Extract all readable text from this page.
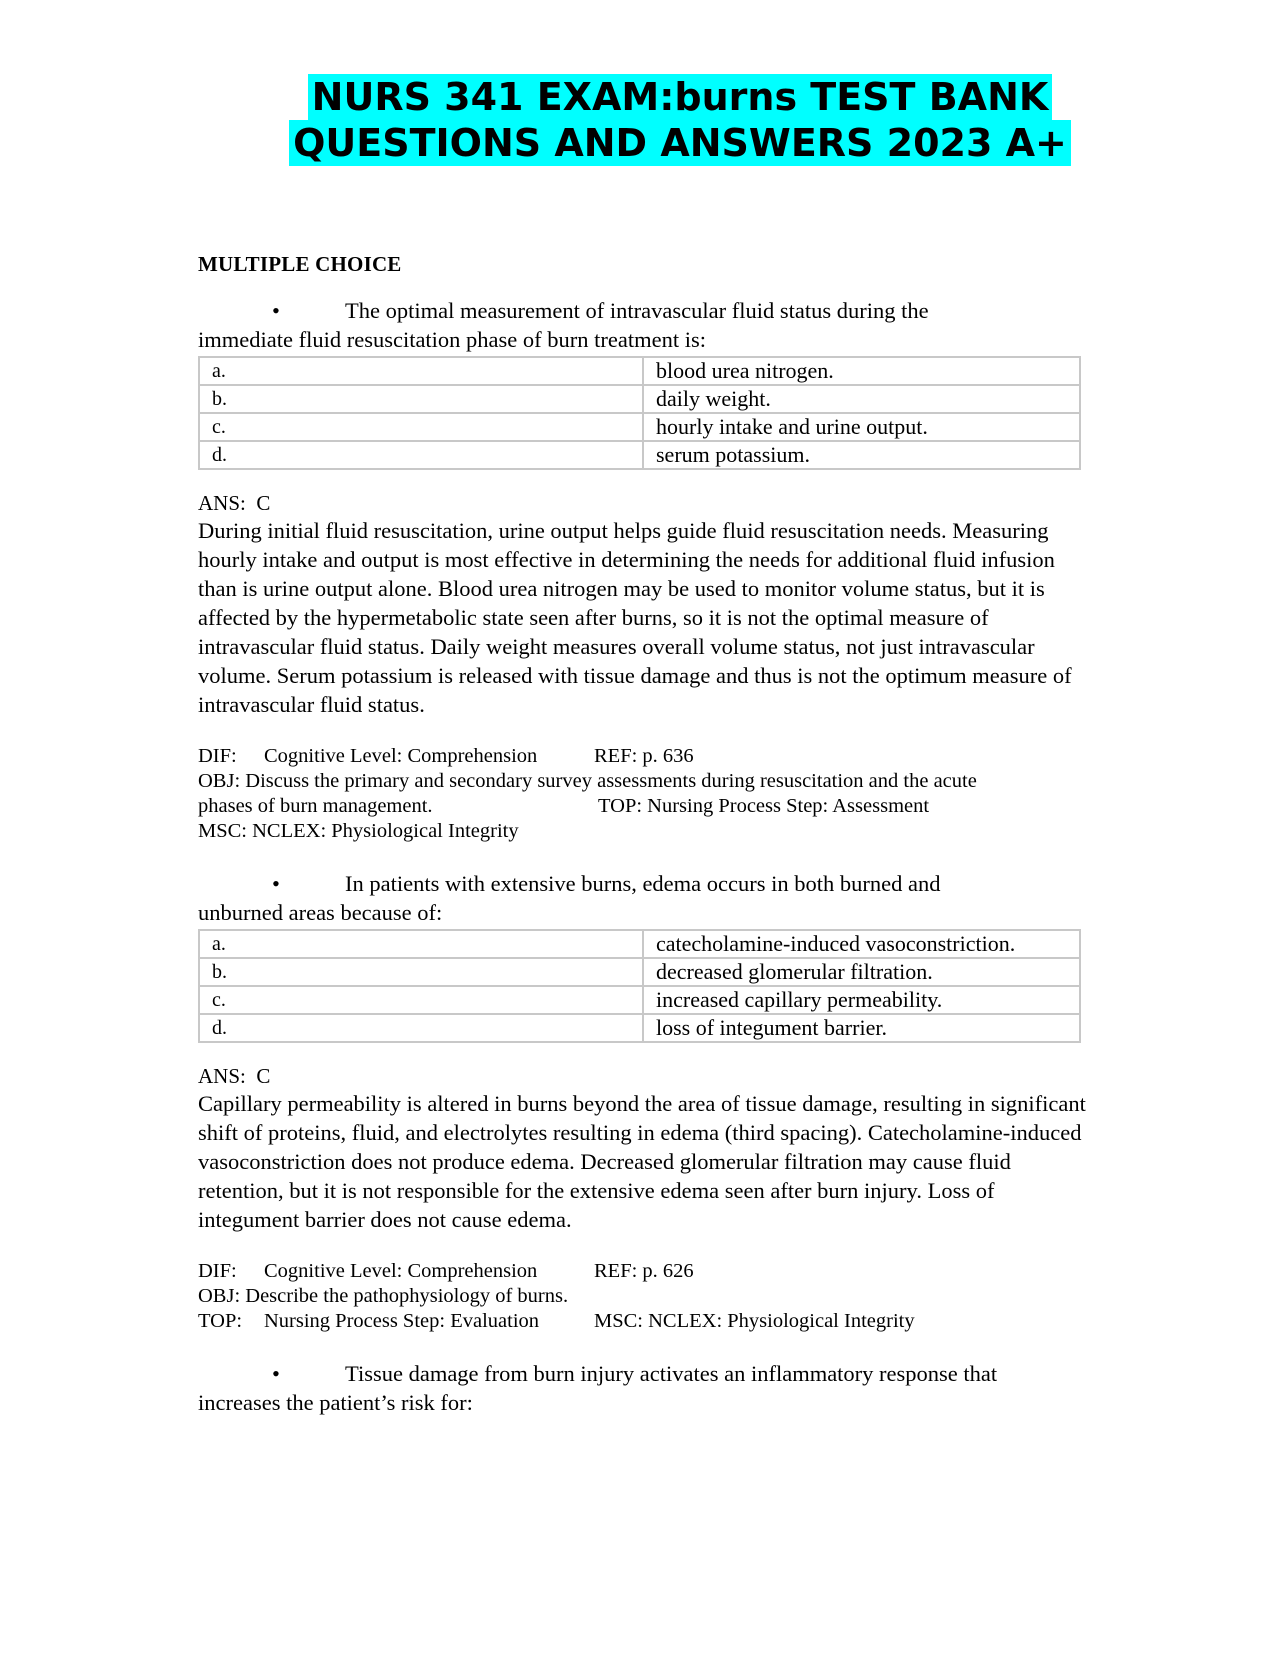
NURS 341 EXAM:burns TEST BANK
QUESTIONS AND ANSWERS 2023 A+
MULTIPLE CHOICE
•	The optimal measurement of intravascular fluid status during the
immediate fluid resuscitation phase of burn treatment is:
a.	blood urea nitrogen.
b.	daily weight.
c.	hourly intake and urine output.
d.	serum potassium.
ANS: C
During initial fluid resuscitation, urine output helps guide fluid resuscitation needs. Measuring hourly intake and output is most effective in determining the needs for additional fluid infusion than is urine output alone. Blood urea nitrogen may be used to monitor volume status, but it is affected by the hypermetabolic state seen after burns, so it is not the optimal measure of intravascular fluid status. Daily weight measures overall volume status, not just intravascular volume. Serum potassium is released with tissue damage and thus is not the optimum measure of intravascular fluid status.
DIF: Cognitive Level: Comprehension	REF: p. 636
OBJ: Discuss the primary and secondary survey assessments during resuscitation and the acute
phases of burn management.	TOP: Nursing Process Step: Assessment
MSC: NCLEX: Physiological Integrity
•	In patients with extensive burns, edema occurs in both burned and
unburned areas because of:
a.	catecholamine-induced vasoconstriction.
b.	decreased glomerular filtration.
c.	increased capillary permeability.
d.	loss of integument barrier.
ANS: C
Capillary permeability is altered in burns beyond the area of tissue damage, resulting in significant shift of proteins, fluid, and electrolytes resulting in edema (third spacing). Catecholamine-induced vasoconstriction does not produce edema. Decreased glomerular filtration may cause fluid retention, but it is not responsible for the extensive edema seen after burn injury. Loss of integument barrier does not cause edema.
DIF: Cognitive Level: Comprehension	REF: p. 626
OBJ: Describe the pathophysiology of burns.
TOP: Nursing Process Step: Evaluation	MSC: NCLEX: Physiological Integrity
•	Tissue damage from burn injury activates an inflammatory response that
increases the patient’s risk for:
